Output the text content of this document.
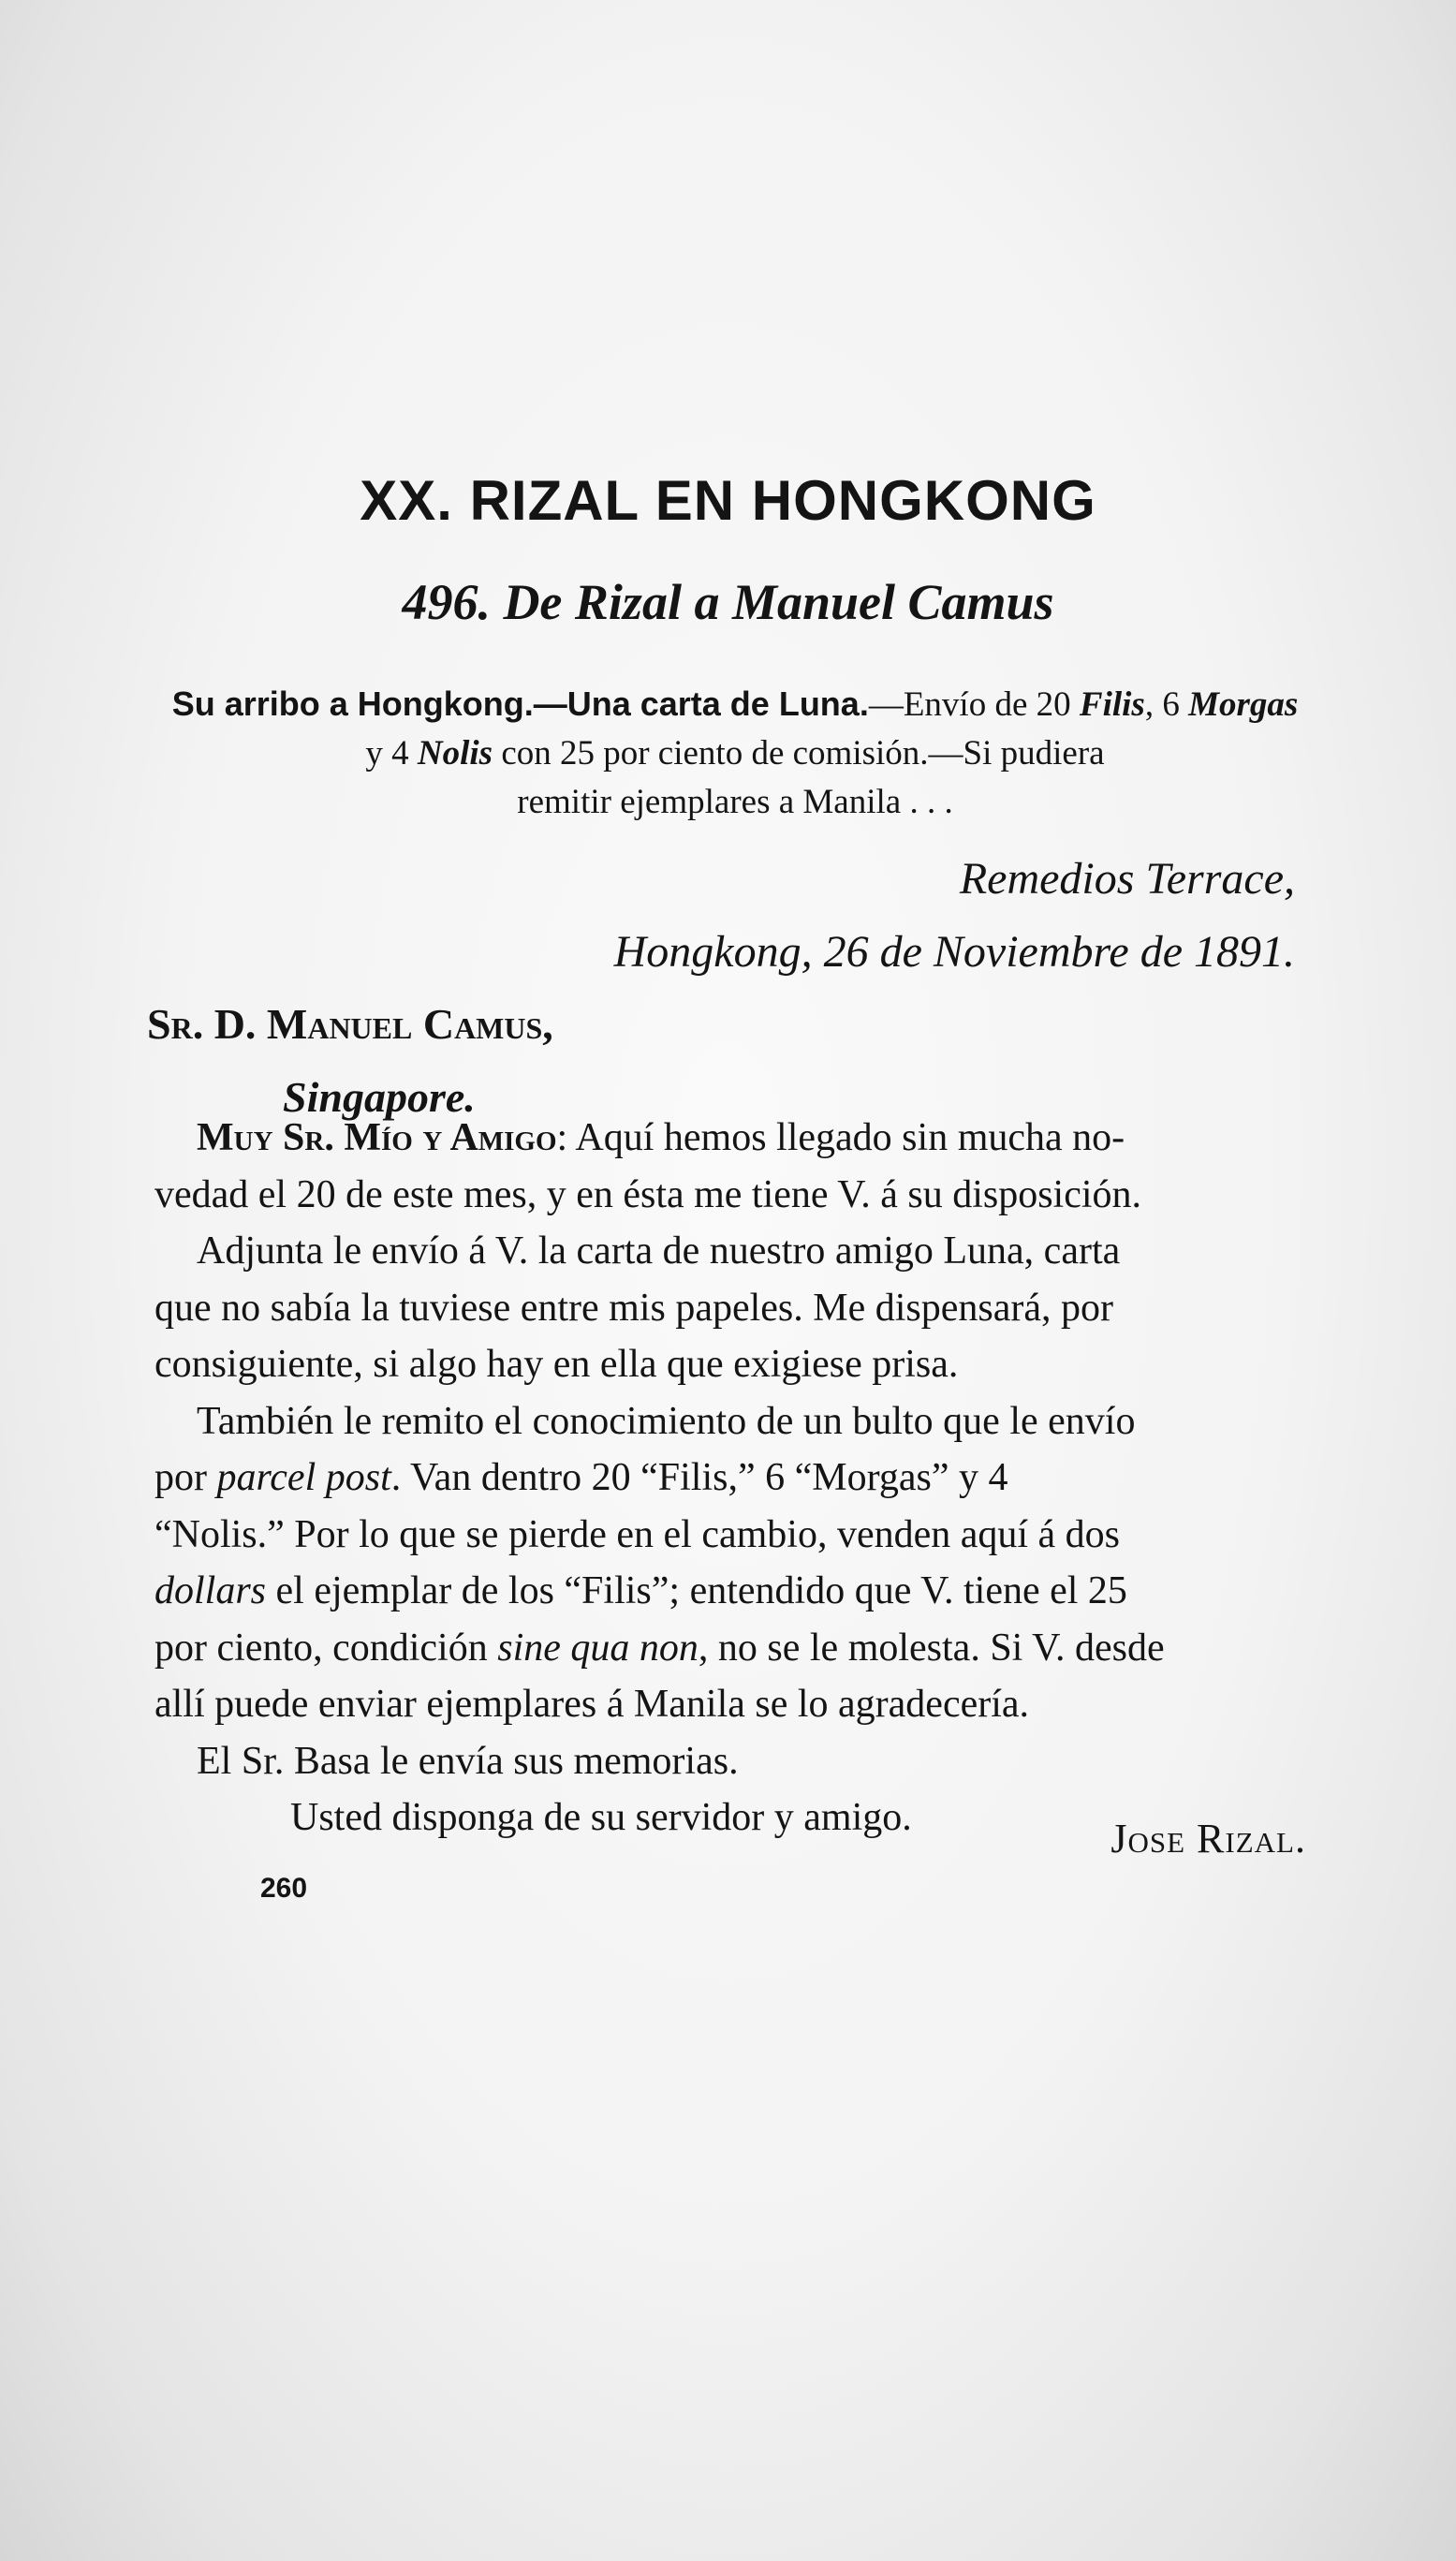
XX. RIZAL EN HONGKONG
496. De Rizal a Manuel Camus
Su arribo a Hongkong.—Una carta de Luna.—Envío de 20 Filis, 6 Morgas
y 4 Nolis con 25 por ciento de comisión.—Si pudiera
remitir ejemplares a Manila . . .
Remedios Terrace,
Hongkong, 26 de Noviembre de 1891.
Sr. D. Manuel Camus,
Singapore.
Muy Sr. Mío y Amigo: Aquí hemos llegado sin mucha no-
vedad el 20 de este mes, y en ésta me tiene V. á su disposición.
Adjunta le envío á V. la carta de nuestro amigo Luna, carta
que no sabía la tuviese entre mis papeles. Me dispensará, por
consiguiente, si algo hay en ella que exigiese prisa.
También le remito el conocimiento de un bulto que le envío
por parcel post. Van dentro 20 “Filis,” 6 “Morgas” y 4
“Nolis.” Por lo que se pierde en el cambio, venden aquí á dos
dollars el ejemplar de los “Filis”; entendido que V. tiene el 25
por ciento, condición sine qua non, no se le molesta. Si V. desde
allí puede enviar ejemplares á Manila se lo agradecería.
El Sr. Basa le envía sus memorias.
Usted disponga de su servidor y amigo.	Jose Rizal.
260
